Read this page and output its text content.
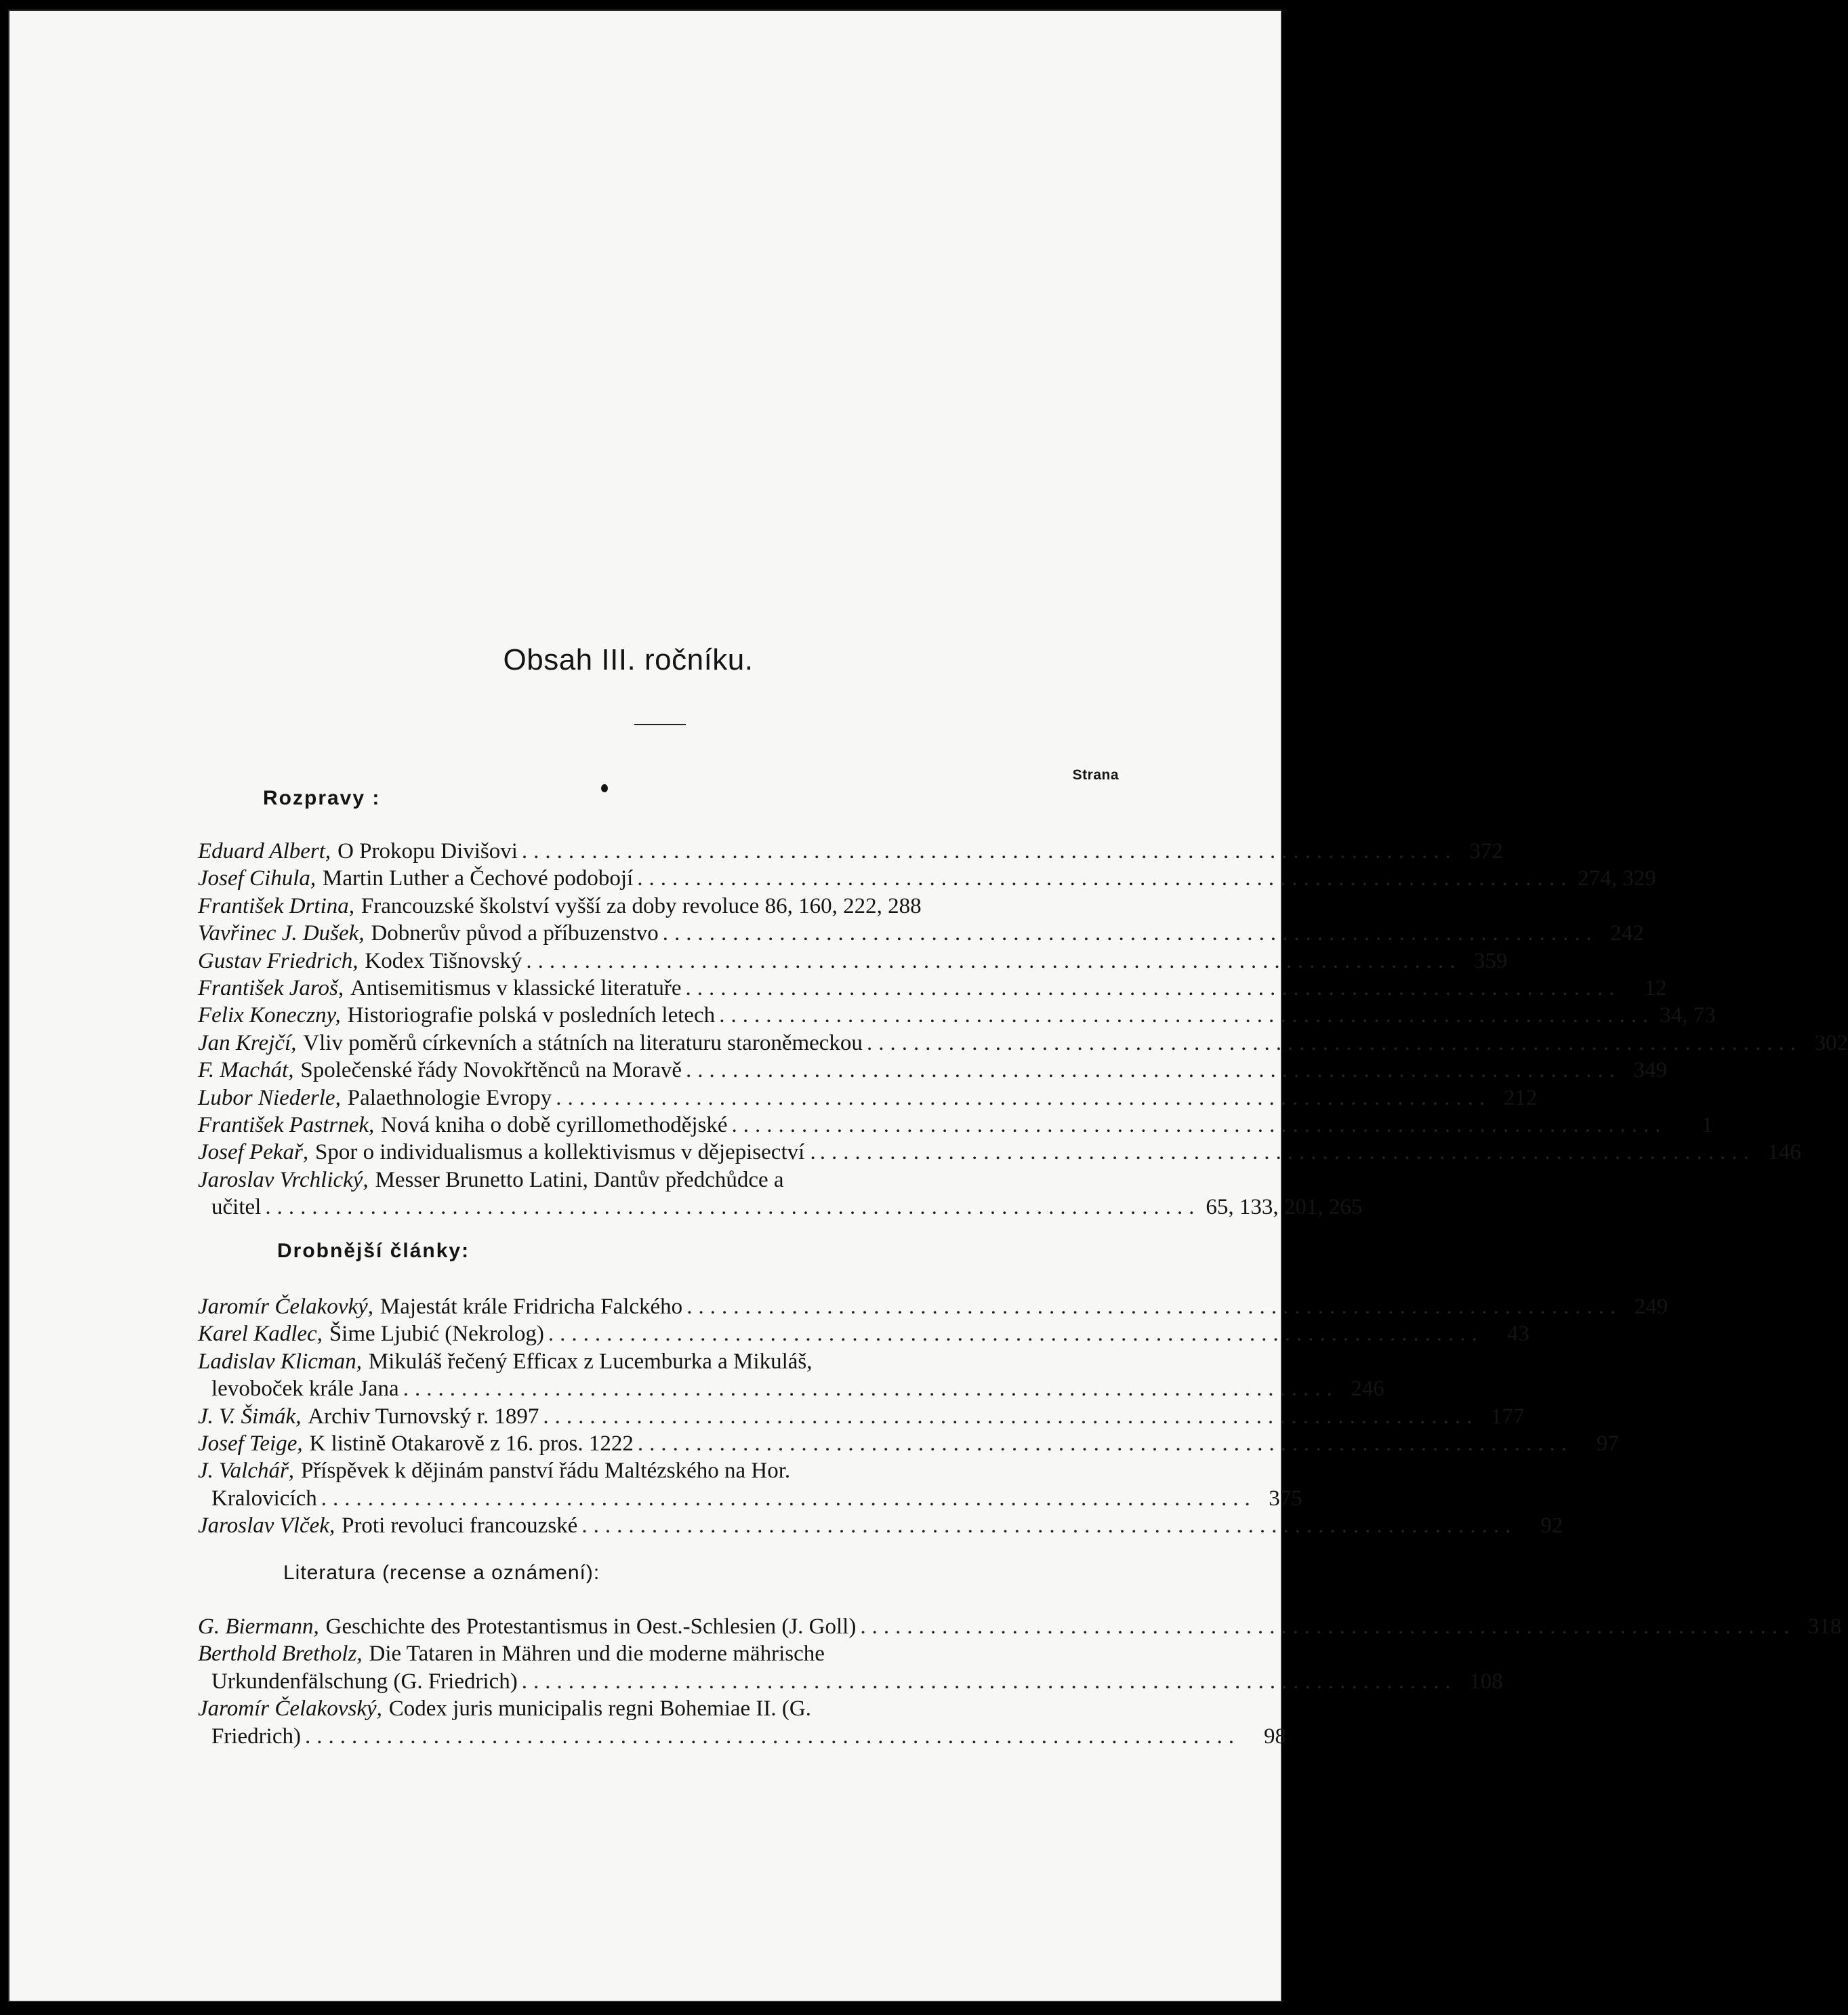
Obsah III. ročníku.
Strana
Rozpravy :
Eduard Albert, O Prokopu Divišovi ................................................................................ 372
Josef Cihula, Martin Luther a Čechové podobojí ................................................................................ 274, 329
František Drtina, Francouzské školství vyšší za doby revoluce 86, 160, 222, 288
Vavřinec J. Dušek, Dobnerův původ a příbuzenstvo ................................................................................ 242
Gustav Friedrich, Kodex Tišnovský ................................................................................ 359
František Jaroš, Antisemitismus v klassické literatuře ................................................................................	12
Felix Koneczny, Historiografie polská v posledních letech ................................................................................ 34, 73
Jan Krejčí, Vliv poměrů církevních a státních na literaturu staroněmeckou ................................................................................ 302
F. Machát, Společenské řády Novokřtěnců na Moravě ................................................................................ 349
Lubor Niederle, Palaethnologie Evropy ................................................................................ 212
František Pastrnek, Nová kniha o době cyrillomethodějské ................................................................................	1
Josef Pekař, Spor o individualismus a kollektivismus v dějepisectví . ................................................................................ 146
Jaroslav Vrchlický, Messer Brunetto Latini, Dantův předchůdce a
učitel ................................................................................ 65, 133, 201, 265
Drobnější články:
Jaromír Čelakovký, Majestát krále Fridricha Falckého ................................................................................ 249
Karel Kadlec, Šime Ljubić (Nekrolog) ................................................................................	43
Ladislav Klicman, Mikuláš řečený Efficax z Lucemburka a Mikuláš,
levoboček krále Jana ................................................................................ 246
J. V. Šimák, Archiv Turnovský r. 1897 ................................................................................ 177
Josef Teige, K listině Otakarově z 16. pros. 1222 ................................................................................	97
J. Valchář, Příspěvek k dějinám panství řádu Maltézského na Hor.
Kralovicích ................................................................................ 375
Jaroslav Vlček, Proti revoluci francouzské ................................................................................	92
Literatura (recense a oznámení):
G. Biermann, Geschichte des Protestantismus in Oest.-Schlesien (J. Goll) ................................................................................ 318
Berthold Bretholz, Die Tataren in Mähren und die moderne mährische
Urkundenfälschung (G. Friedrich) ................................................................................ 108
Jaromír Čelakovský, Codex juris municipalis regni Bohemiae II. (G.
Friedrich) ................................................................................	98
